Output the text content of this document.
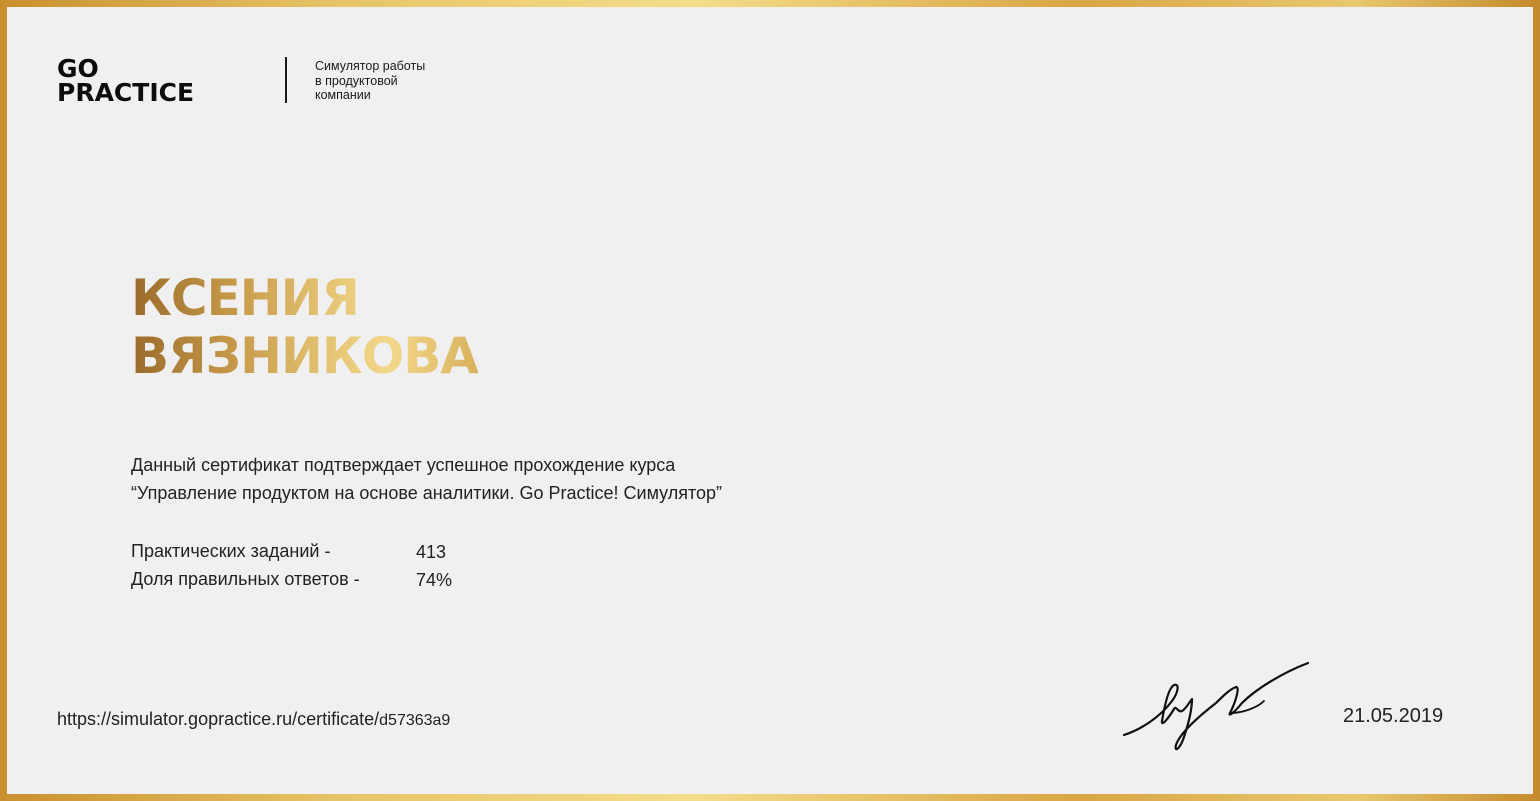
GO
PRACTICE
Симулятор работы
в продуктовой
компании
КСЕНИЯ
ВЯЗНИКОВА
Данный сертификат подтверждает успешное прохождение курса
“Управление продуктом на основе аналитики. Go Practice! Симулятор”
Практических заданий -	413
Доля правильных ответов -	74%
https://simulator.gopractice.ru/certificate/d57363a9	21.05.2019
